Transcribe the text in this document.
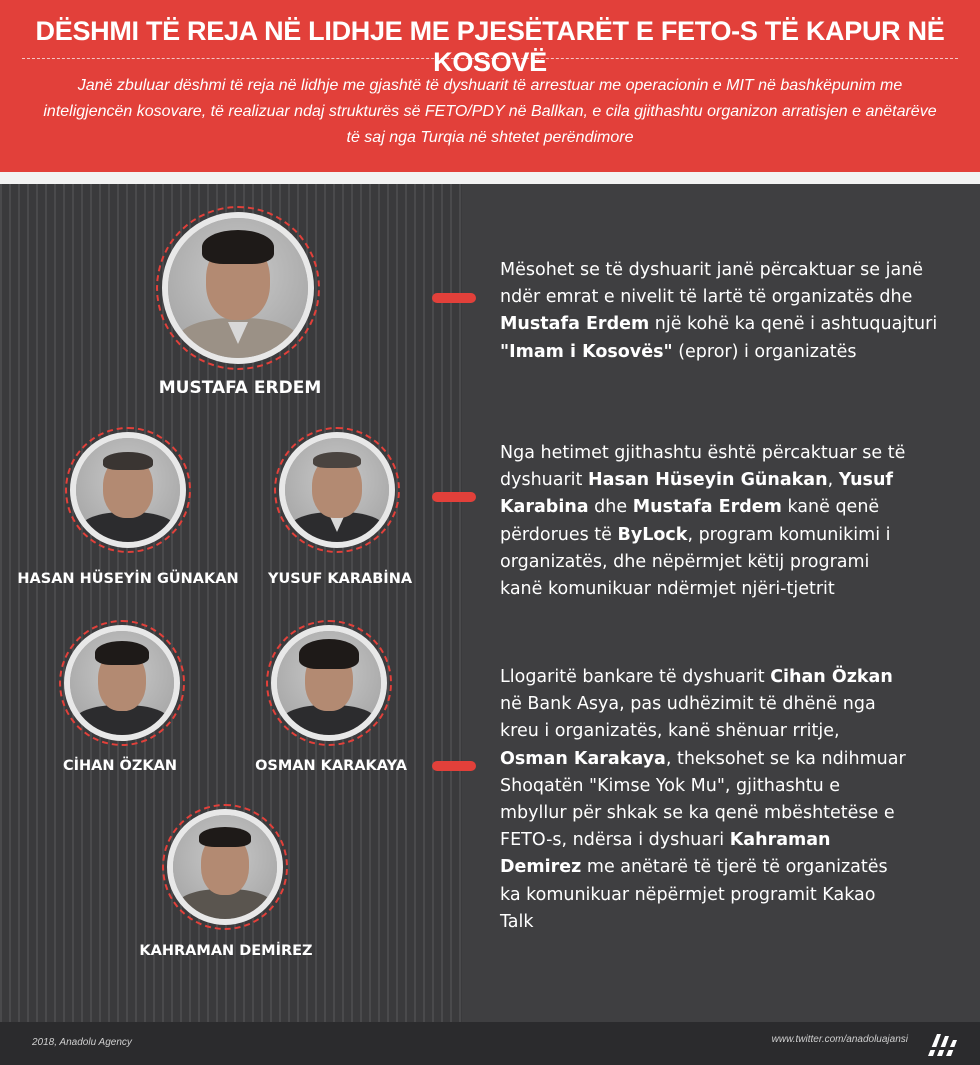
DËSHMI TË REJA NË LIDHJE ME PJESËTARËT E FETO-S TË KAPUR NË KOSOVË
Janë zbuluar dëshmi të reja në lidhje me gjashtë të dyshuarit të arrestuar me operacionin e MIT në bashkëpunim me inteligjencën kosovare, të realizuar ndaj strukturës së FETO/PDY në Ballkan, e cila gjithashtu organizon arratisjen e anëtarëve të saj nga Turqia në shtetet perëndimore
MUSTAFA ERDEM
HASAN HÜSEYİN GÜNAKAN	YUSUF KARABİNA
CİHAN ÖZKAN	OSMAN KARAKAYA
KAHRAMAN DEMİREZ
Mësohet se të dyshuarit janë përcaktuar se janë ndër emrat e nivelit të lartë të organizatës dhe Mustafa Erdem një kohë ka qenë i ashtuquajturi "Imam i Kosovës" (epror) i organizatës
Nga hetimet gjithashtu është përcaktuar se të dyshuarit Hasan Hüseyin Günakan, Yusuf Karabina dhe Mustafa Erdem kanë qenë përdorues të ByLock, program komunikimi i organizatës, dhe nëpërmjet këtij programi kanë komunikuar ndërmjet njëri-tjetrit
Llogaritë bankare të dyshuarit Cihan Özkan në Bank Asya, pas udhëzimit të dhënë nga kreu i organizatës, kanë shënuar rritje, Osman Karakaya, theksohet se ka ndihmuar Shoqatën "Kimse Yok Mu", gjithashtu e mbyllur për shkak se ka qenë mbështetëse e FETO-s, ndërsa i dyshuari Kahraman Demirez me anëtarë të tjerë të organizatës ka komunikuar nëpërmjet programit Kakao Talk
2018, Anadolu Agency	www.twitter.com/anadoluajansi
